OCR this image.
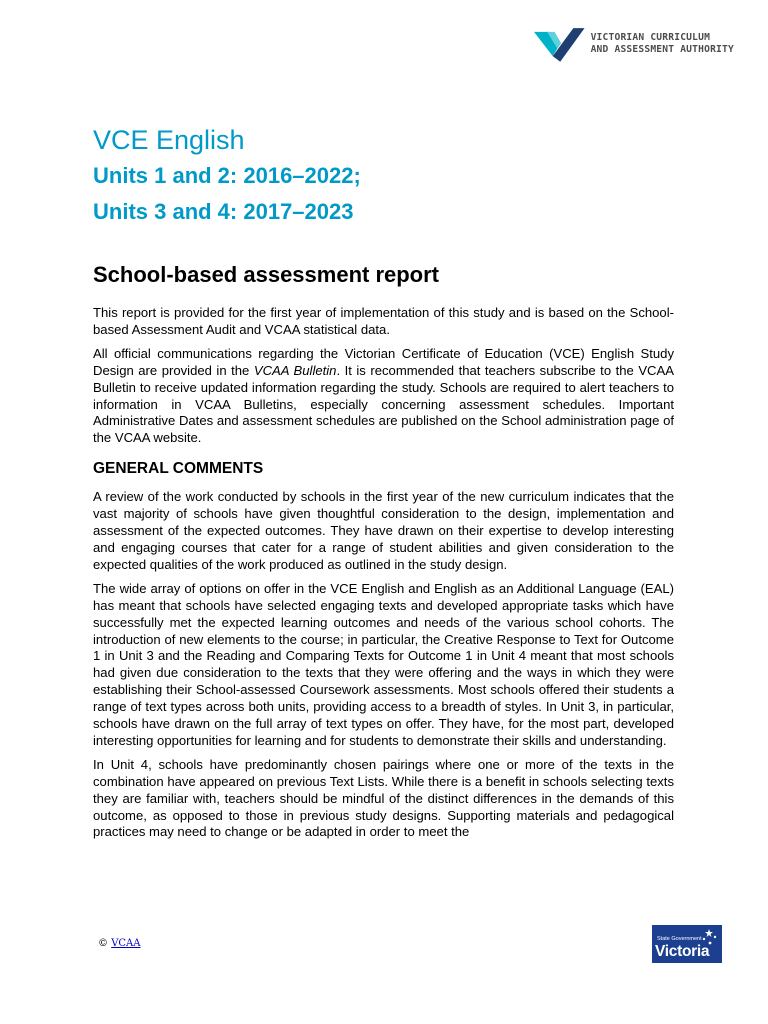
VICTORIAN CURRICULUM
AND ASSESSMENT AUTHORITY
VCE English
Units 1 and 2: 2016–2022;
Units 3 and 4: 2017–2023
School-based assessment report

This report is provided for the first year of implementation of this study and is based on the School-based Assessment Audit and VCAA statistical data.

All official communications regarding the Victorian Certificate of Education (VCE) English Study Design are provided in the VCAA Bulletin. It is recommended that teachers subscribe to the VCAA Bulletin to receive updated information regarding the study. Schools are required to alert teachers to information in VCAA Bulletins, especially concerning assessment schedules. Important Administrative Dates and assessment schedules are published on the School administration page of the VCAA website.

GENERAL COMMENTS

A review of the work conducted by schools in the first year of the new curriculum indicates that the vast majority of schools have given thoughtful consideration to the design, implementation and assessment of the expected outcomes. They have drawn on their expertise to develop interesting and engaging courses that cater for a range of student abilities and given consideration to the expected qualities of the work produced as outlined in the study design.

The wide array of options on offer in the VCE English and English as an Additional Language (EAL) has meant that schools have selected engaging texts and developed appropriate tasks which have successfully met the expected learning outcomes and needs of the various school cohorts. The introduction of new elements to the course; in particular, the Creative Response to Text for Outcome 1 in Unit 3 and the Reading and Comparing Texts for Outcome 1 in Unit 4 meant that most schools had given due consideration to the texts that they were offering and the ways in which they were establishing their School-assessed Coursework assessments. Most schools offered their students a range of text types across both units, providing access to a breadth of styles. In Unit 3, in particular, schools have drawn on the full array of text types on offer. They have, for the most part, developed interesting opportunities for learning and for students to demonstrate their skills and understanding.

In Unit 4, schools have predominantly chosen pairings where one or more of the texts in the combination have appeared on previous Text Lists. While there is a benefit in schools selecting texts they are familiar with, teachers should be mindful of the distinct differences in the demands of this outcome, as opposed to those in previous study designs. Supporting materials and pedagogical practices may need to change or be adapted in order to meet the

© VCAA	State Government
Victoria
